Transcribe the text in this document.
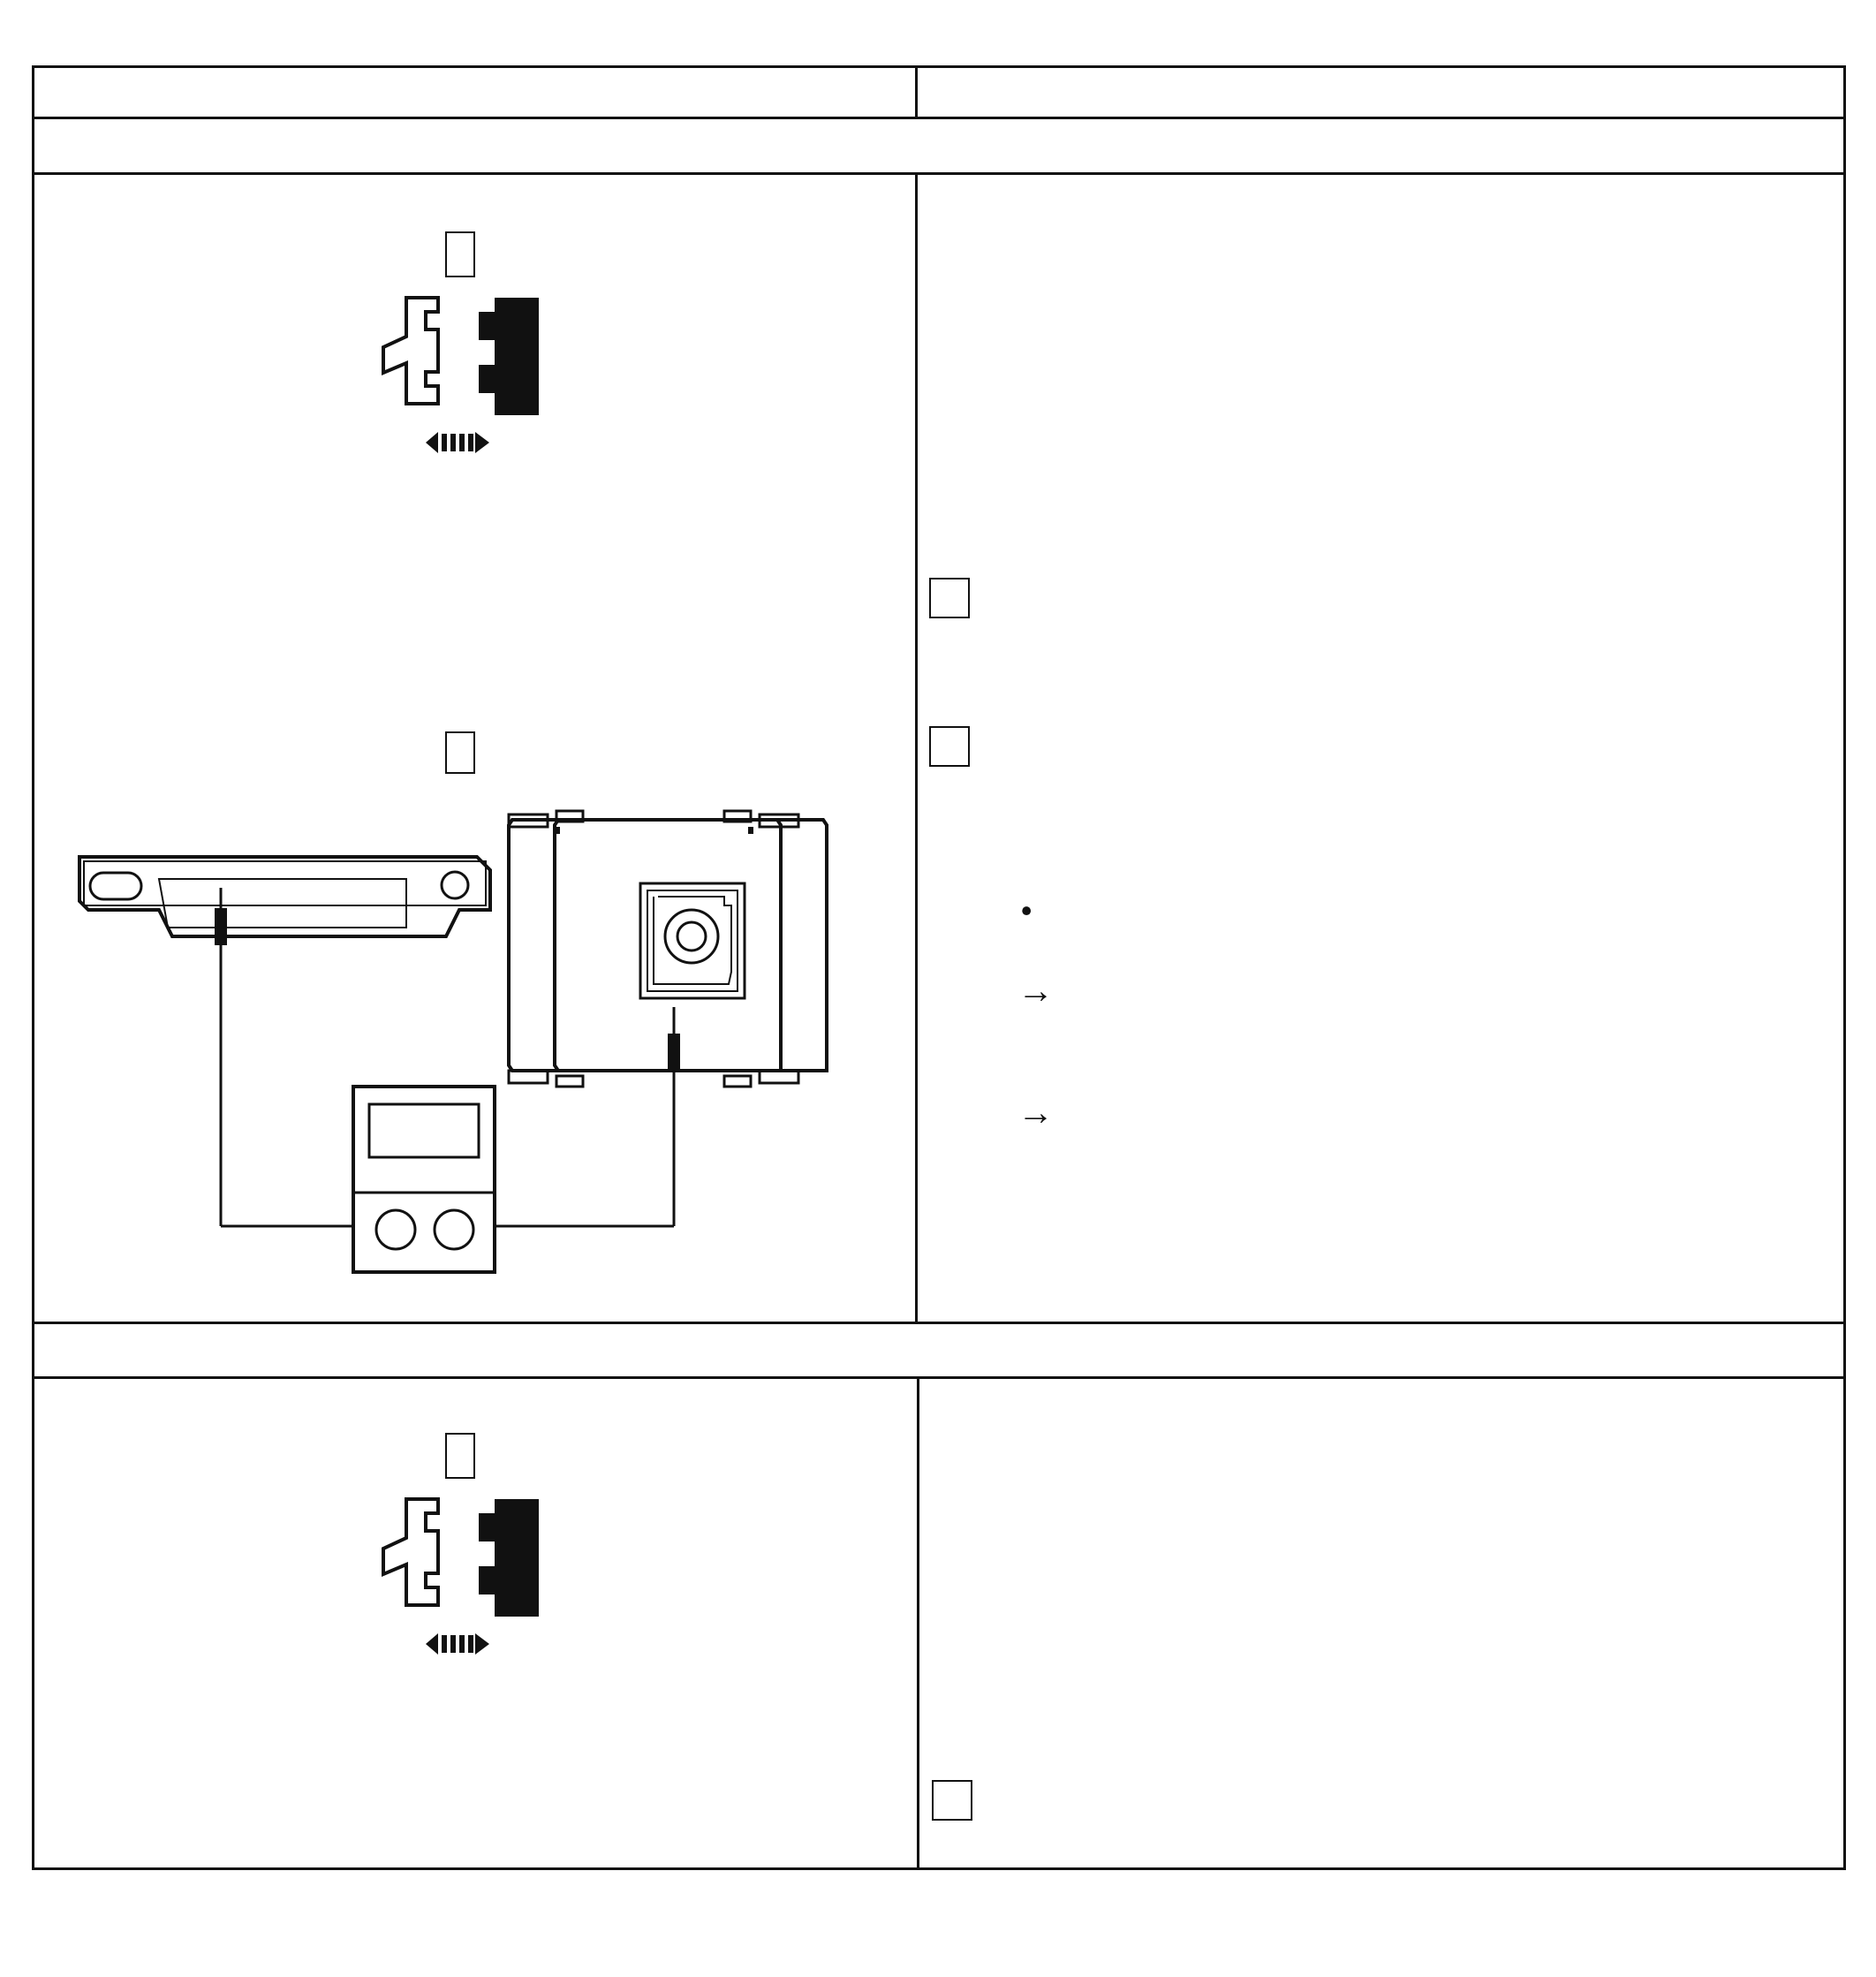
•
→
→
